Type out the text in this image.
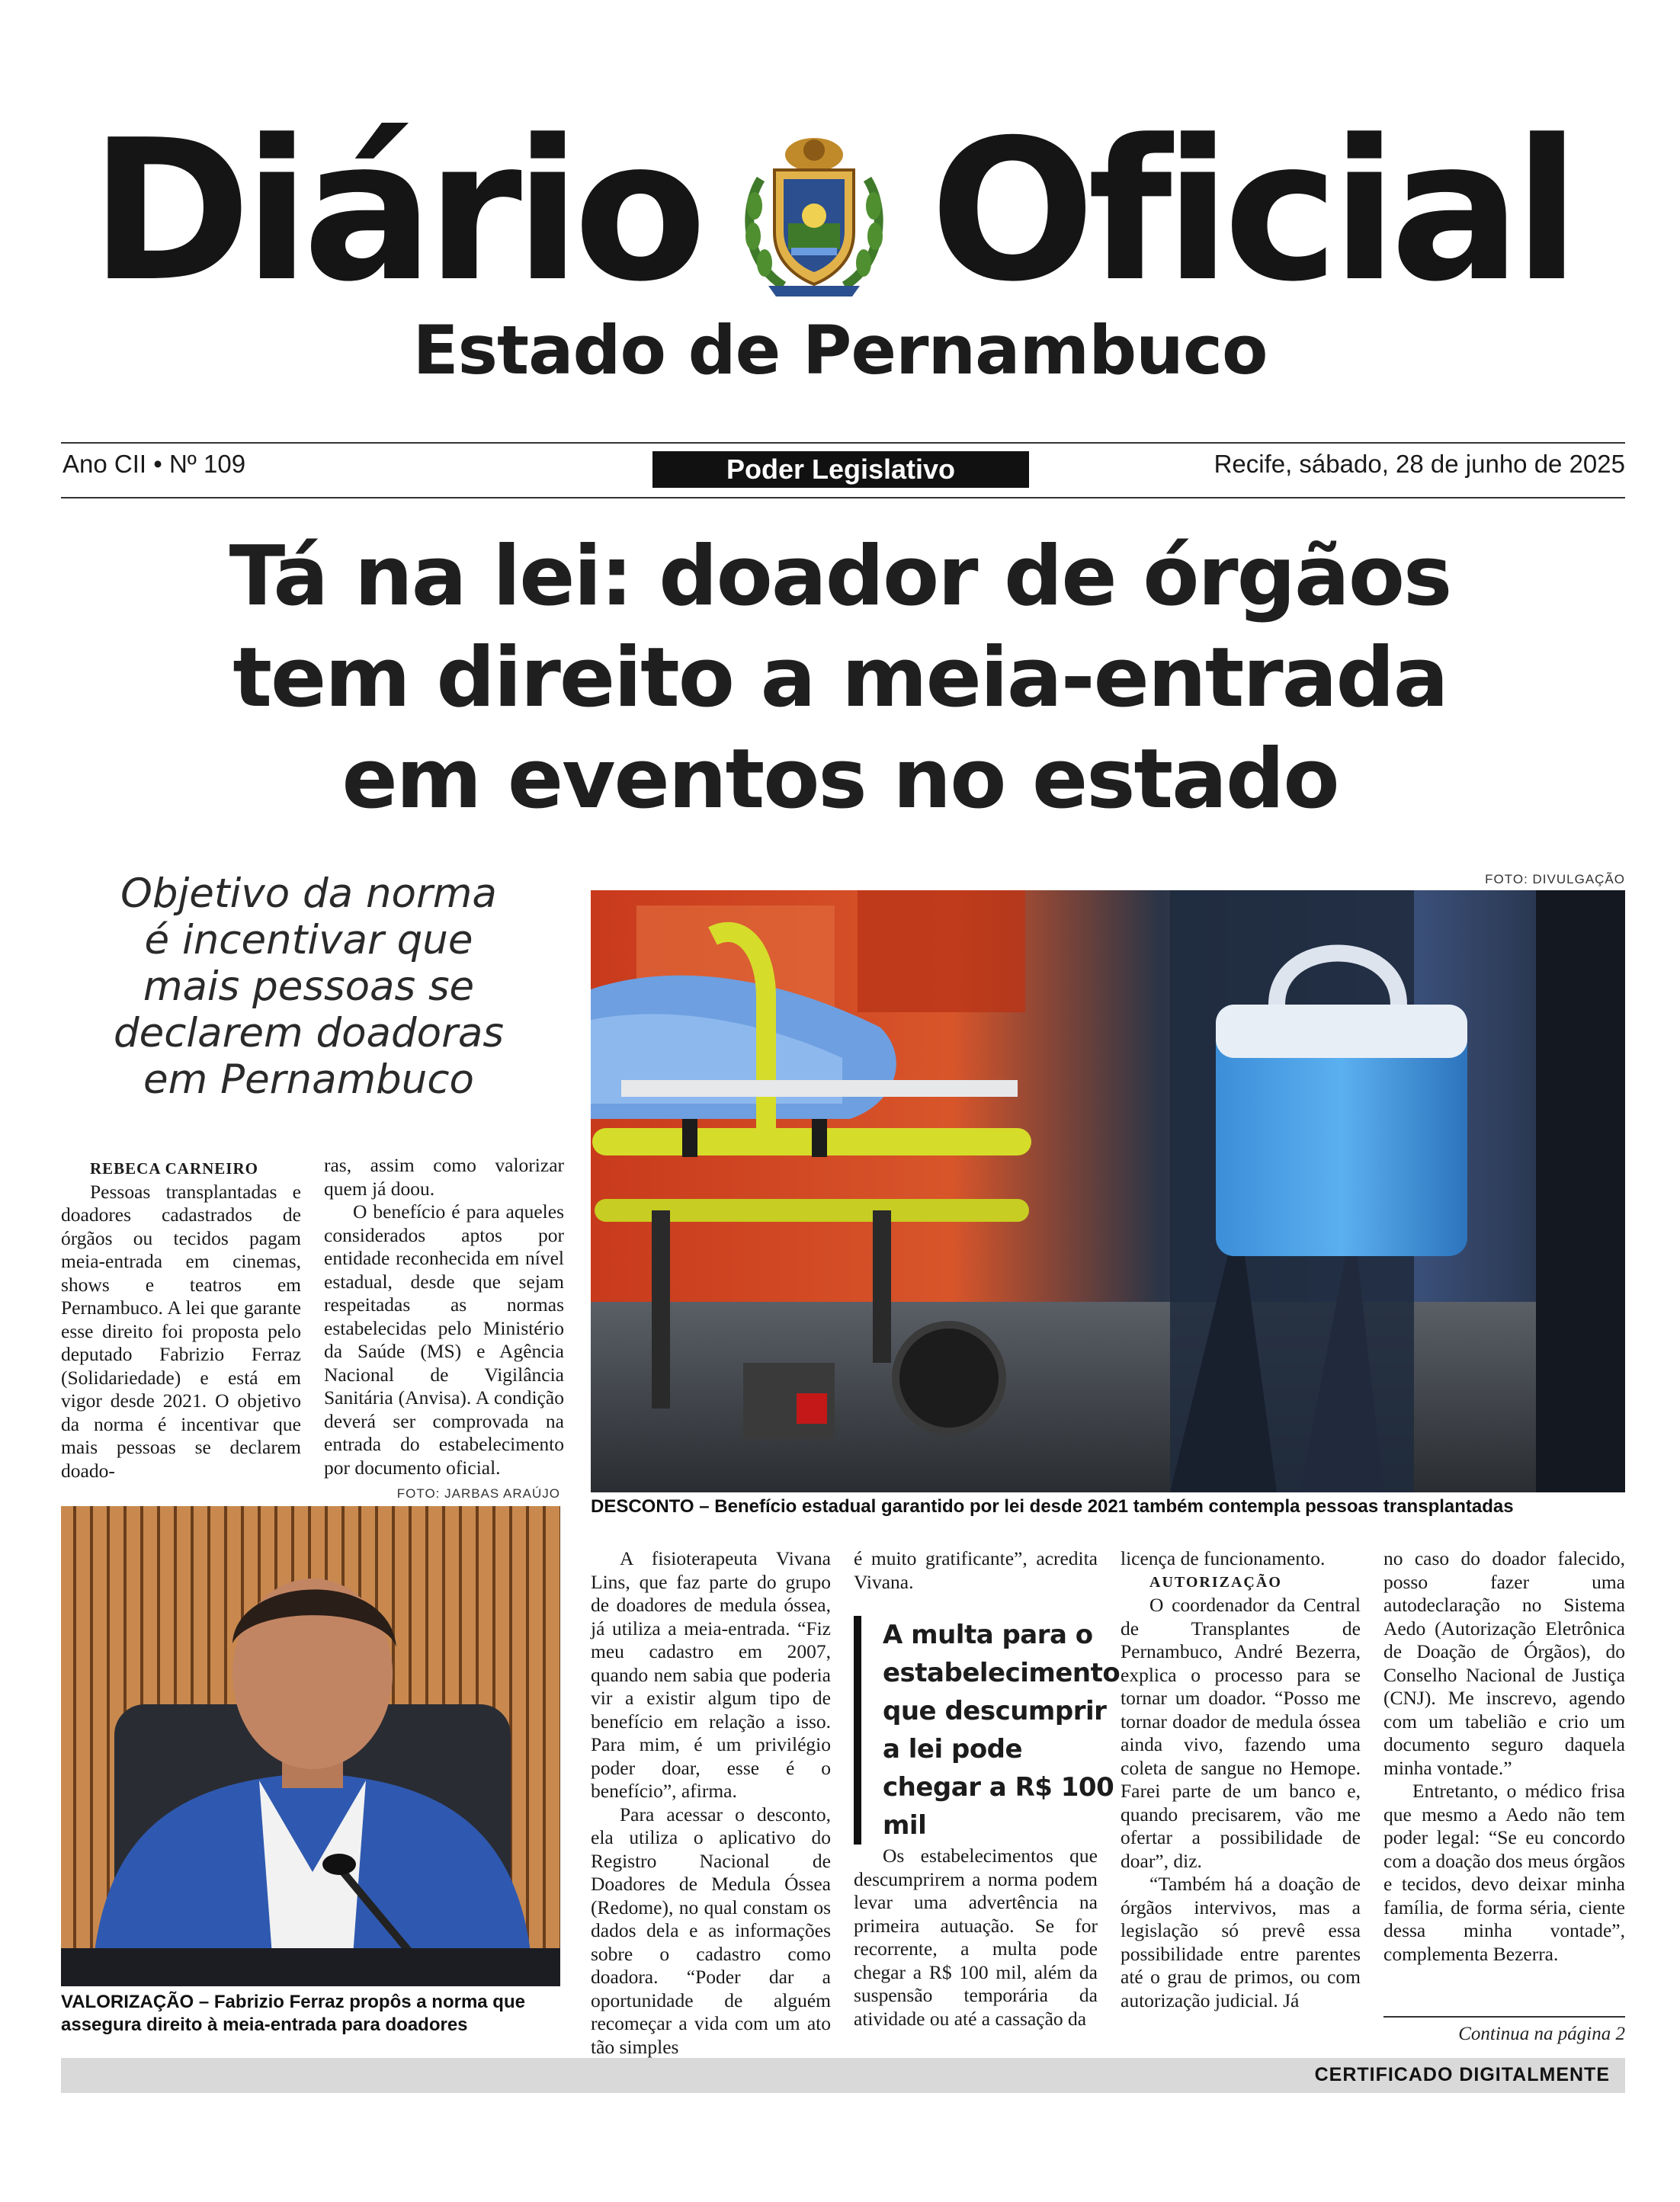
Diário Oficial
Estado de Pernambuco
Ano CII • Nº 109	Poder Legislativo	Recife, sábado, 28 de junho de 2025
Tá na lei: doador de órgãos
tem direito a meia-entrada
em eventos no estado
Objetivo da norma
é incentivar que
mais pessoas se
declarem doadoras
em Pernambuco
FOTO: DIVULGAÇÃO
DESCONTO – Benefício estadual garantido por lei desde 2021 também contempla pessoas transplantadas
FOTO: JARBAS ARAÚJO
VALORIZAÇÃO – Fabrizio Ferraz propôs a norma que
assegura direito à meia-entrada para doadores

REBECA CARNEIRO

Pessoas transplantadas e doadores cadastrados de órgãos ou tecidos pagam meia-entrada em cinemas, shows e teatros em Pernambuco. A lei que garante esse direito foi proposta pelo deputado Fabrizio Ferraz (Solidariedade) e está em vigor desde 2021. O objetivo da norma é incentivar que mais pessoas se declarem doado-

ras, assim como valorizar quem já doou.

O benefício é para aqueles considerados aptos por entidade reconhecida em nível estadual, desde que sejam respeitadas as normas estabelecidas pelo Ministério da Saúde (MS) e Agência Nacional de Vigilância Sanitária (Anvisa). A condição deverá ser comprovada na entrada do estabelecimento por documento oficial.

A fisioterapeuta Vivana Lins, que faz parte do grupo de doadores de medula óssea, já utiliza a meia-entrada. “Fiz meu cadastro em 2007, quando nem sabia que poderia vir a existir algum tipo de benefício em relação a isso. Para mim, é um privilégio poder doar, esse é o benefício”, afirma.

Para acessar o desconto, ela utiliza o aplicativo do Registro Nacional de Doadores de Medula Óssea (Redome), no qual constam os dados dela e as informações sobre o cadastro como doadora. “Poder dar a oportunidade de alguém recomeçar a vida com um ato tão simples

é muito gratificante”, acredita Vivana.

A multa para o estabelecimento que descumprir a lei pode chegar a R$ 100 mil

Os estabelecimentos que descumprirem a norma podem levar uma advertência na primeira autuação. Se for recorrente, a multa pode chegar a R$ 100 mil, além da suspensão temporária da atividade ou até a cassação da

licença de funcionamento.

AUTORIZAÇÃO

O coordenador da Central de Transplantes de Pernambuco, André Bezerra, explica o processo para se tornar um doador. “Posso me tornar doador de medula óssea ainda vivo, fazendo uma coleta de sangue no Hemope. Farei parte de um banco e, quando precisarem, vão me ofertar a possibilidade de doar”, diz.

“Também há a doação de órgãos intervivos, mas a legislação só prevê essa possibilidade entre parentes até o grau de primos, ou com autorização judicial. Já

no caso do doador falecido, posso fazer uma autodeclaração no Sistema Aedo (Autorização Eletrônica de Doação de Órgãos), do Conselho Nacional de Justiça (CNJ). Me inscrevo, agendo com um tabelião e crio um documento seguro daquela minha vontade.”

Entretanto, o médico frisa que mesmo a Aedo não tem poder legal: “Se eu concordo com a doação dos meus órgãos e tecidos, devo deixar minha família, de forma séria, ciente dessa minha vontade”, complementa Bezerra.

Continua na página 2
CERTIFICADO DIGITALMENTE
